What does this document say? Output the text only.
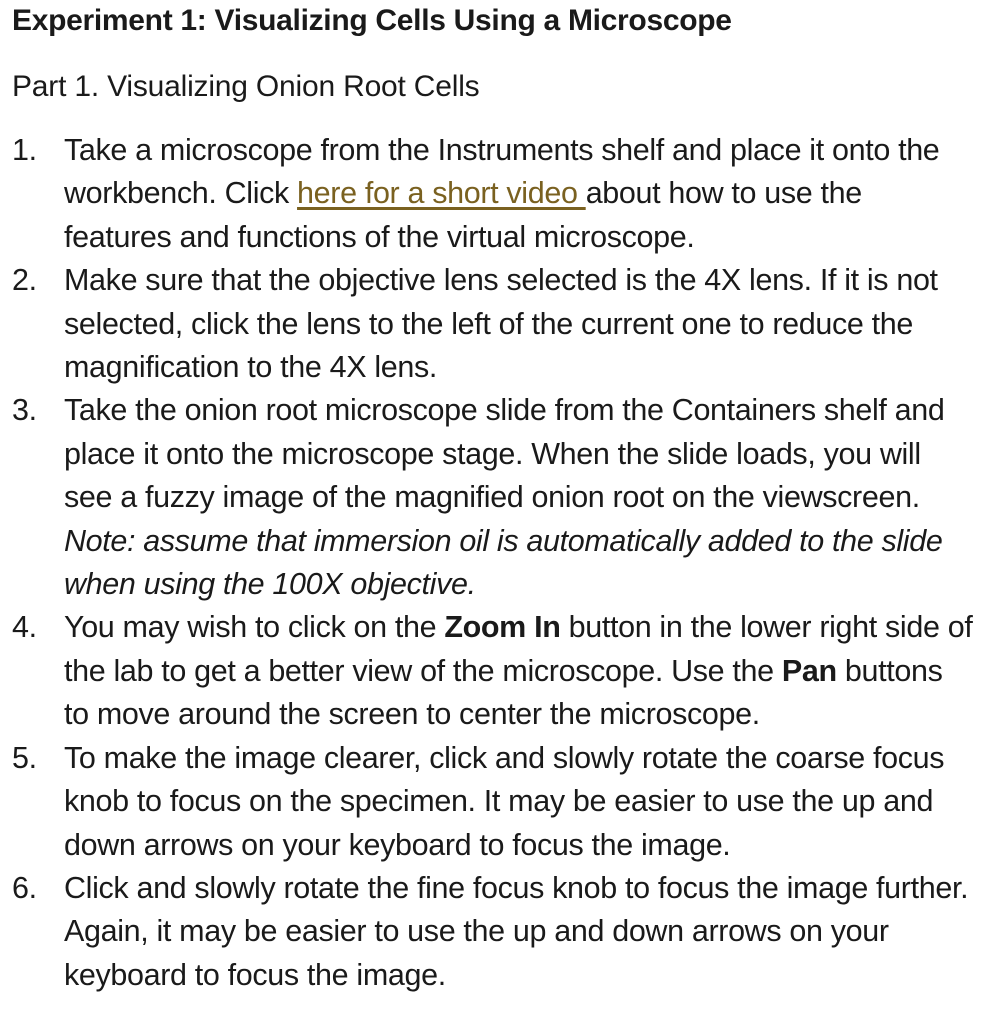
Experiment 1: Visualizing Cells Using a Microscope
Part 1. Visualizing Onion Root Cells
1. Take a microscope from the Instruments shelf and place it onto the workbench. Click here for a short video about how to use the features and functions of the virtual microscope.
2. Make sure that the objective lens selected is the 4X lens. If it is not selected, click the lens to the left of the current one to reduce the magnification to the 4X lens.
3. Take the onion root microscope slide from the Containers shelf and place it onto the microscope stage. When the slide loads, you will see a fuzzy image of the magnified onion root on the viewscreen. Note: assume that immersion oil is automatically added to the slide when using the 100X objective.
4. You may wish to click on the Zoom In button in the lower right side of the lab to get a better view of the microscope. Use the Pan buttons to move around the screen to center the microscope.
5. To make the image clearer, click and slowly rotate the coarse focus knob to focus on the specimen. It may be easier to use the up and down arrows on your keyboard to focus the image.
6. Click and slowly rotate the fine focus knob to focus the image further. Again, it may be easier to use the up and down arrows on your keyboard to focus the image.
